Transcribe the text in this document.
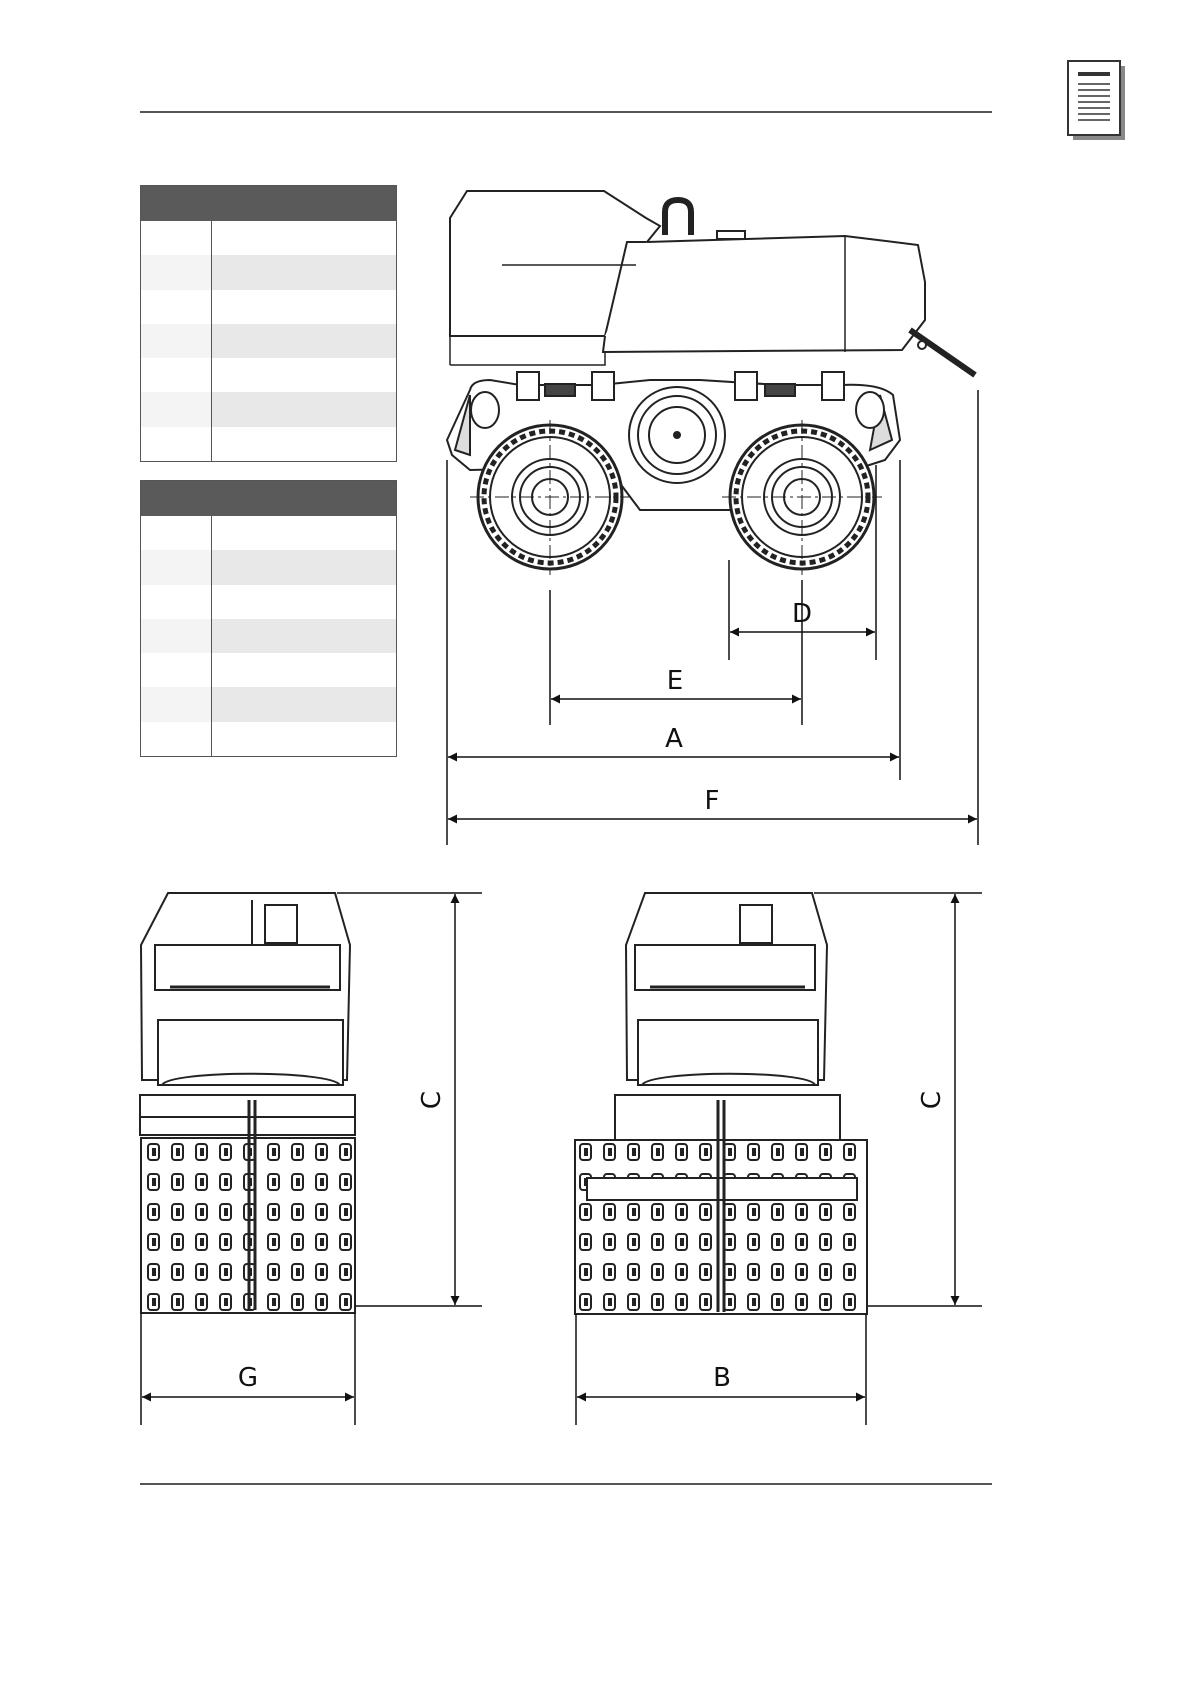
D
E
A
F
C
G
C
B
